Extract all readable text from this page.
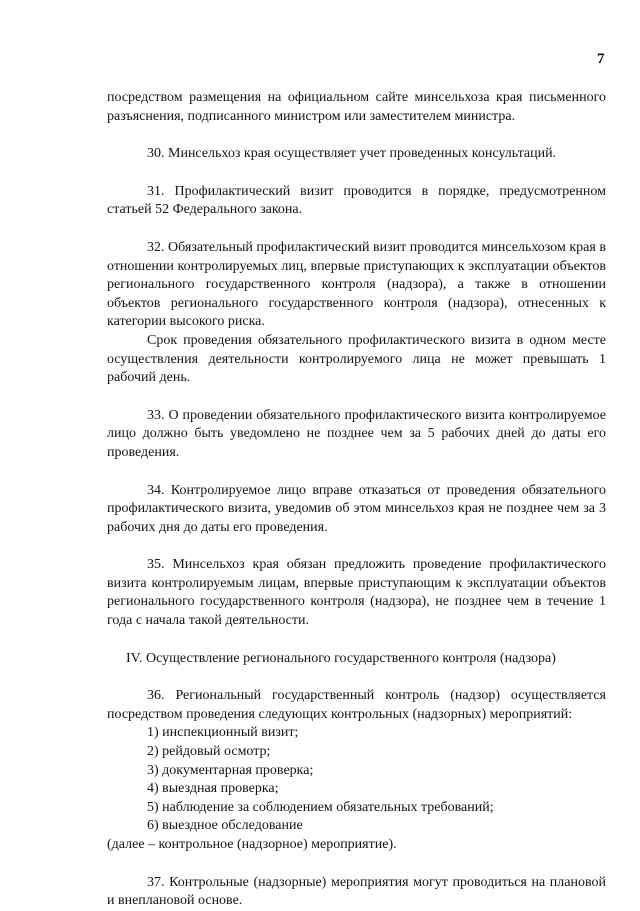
7

посредством размещения на официальном сайте минсельхоза края письменного разъяснения, подписанного министром или заместителем министра.

30. Минсельхоз края осуществляет учет проведенных консультаций.

31. Профилактический визит проводится в порядке, предусмотренном статьей 52 Федерального закона.

32. Обязательный профилактический визит проводится минсельхозом края в отношении контролируемых лиц, впервые приступающих к эксплуатации объектов регионального государственного контроля (надзора), а также в отношении объектов регионального государственного контроля (надзора), отнесенных к категории высокого риска.

Срок проведения обязательного профилактического визита в одном месте осуществления деятельности контролируемого лица не может превышать 1 рабочий день.

33. О проведении обязательного профилактического визита контролируемое лицо должно быть уведомлено не позднее чем за 5 рабочих дней до даты его проведения.

34. Контролируемое лицо вправе отказаться от проведения обязательного профилактического визита, уведомив об этом минсельхоз края не позднее чем за 3 рабочих дня до даты его проведения.

35. Минсельхоз края обязан предложить проведение профилактического визита контролируемым лицам, впервые приступающим к эксплуатации объектов регионального государственного контроля (надзора), не позднее чем в течение 1 года с начала такой деятельности.

IV. Осуществление регионального государственного контроля (надзора)

36. Региональный государственный контроль (надзор) осуществляется посредством проведения следующих контрольных (надзорных) мероприятий:

1) инспекционный визит;
2) рейдовый осмотр;
3) документарная проверка;
4) выездная проверка;
5) наблюдение за соблюдением обязательных требований;
6) выездное обследование

(далее – контрольное (надзорное) мероприятие).

37. Контрольные (надзорные) мероприятия могут проводиться на плановой и внеплановой основе.
